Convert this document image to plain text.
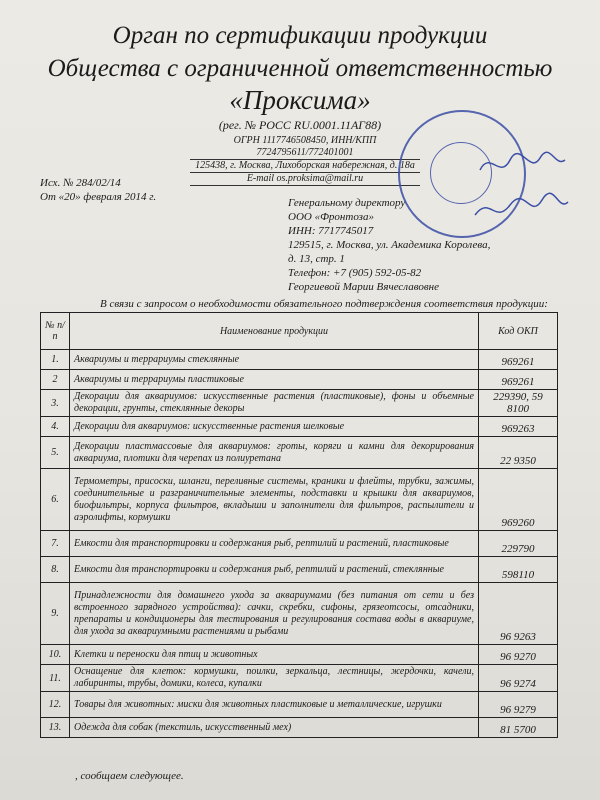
Орган по сертификации продукции
Общества с ограниченной ответственностью
«Проксима»
(рег. № РОСС RU.0001.11АГ88)
ОГРН 1117746508450, ИНН/КПП 7724795611/772401001
125438, г. Москва, Лихоборская набережная, д. 18а
E-mail os.proksima@mail.ru
Исх. № 284/02/14
От «20» февраля 2014 г.	Генеральному директору
ООО «Фронтоза»
ИНН: 7717745017
129515, г. Москва, ул. Академика Королева,
д. 13, стр. 1
Телефон: +7 (905) 592-05-82
Георгиевой Марии Вячеславовне
В связи с запросом о необходимости обязательного подтверждения соответствия продукции:
№ п/п	Наименование продукции	Код ОКП
1.	Аквариумы и террариумы стеклянные	969261
2	Аквариумы и террариумы пластиковые	969261
3.	Декорации для аквариумов: искусственные растения (пластиковые), фоны и объемные декорации, грунты, стеклянные декоры	229390, 59 8100
4.	Декорации для аквариумов: искусственные растения шелковые	969263
5.	Декорации пластмассовые для аквариумов: гроты, коряги и камни для декорирования аквариума, плотики для черепах из полиуретана	22 9350
6.	Термометры, присоски, шланги, переливные системы, краники и флейты, трубки, зажимы, соединительные и разграничительные элементы, подставки и крышки для аквариумов, биофильтры, корпуса фильтров, вкладыши и заполнители для фильтров, распылители и аэролифты, кормушки	969260
7.	Емкости для транспортировки и содержания рыб, рептилий и растений, пластиковые	229790
8.	Емкости для транспортировки и содержания рыб, рептилий и растений, стеклянные	598110
9.	Принадлежности для домашнего ухода за аквариумами (без питания от сети и без встроенного зарядного устройства): сачки, скребки, сифоны, грязеотсосы, отсадники, препараты и кондиционеры для тестирования и регулирования состава воды в аквариуме, для ухода за аквариумными растениями и рыбами	96 9263
10.	Клетки и переноски для птиц и животных	96 9270
11.	Оснащение для клеток: кормушки, поилки, зеркальца, лестницы, жердочки, качели, лабиринты, трубы, домики, колеса, купалки	96 9274
12.	Товары для животных: миски для животных пластиковые и металлические, игрушки	96 9279
13.	Одежда для собак (текстиль, искусственный мех)	81 5700
, сообщаем следующее.
